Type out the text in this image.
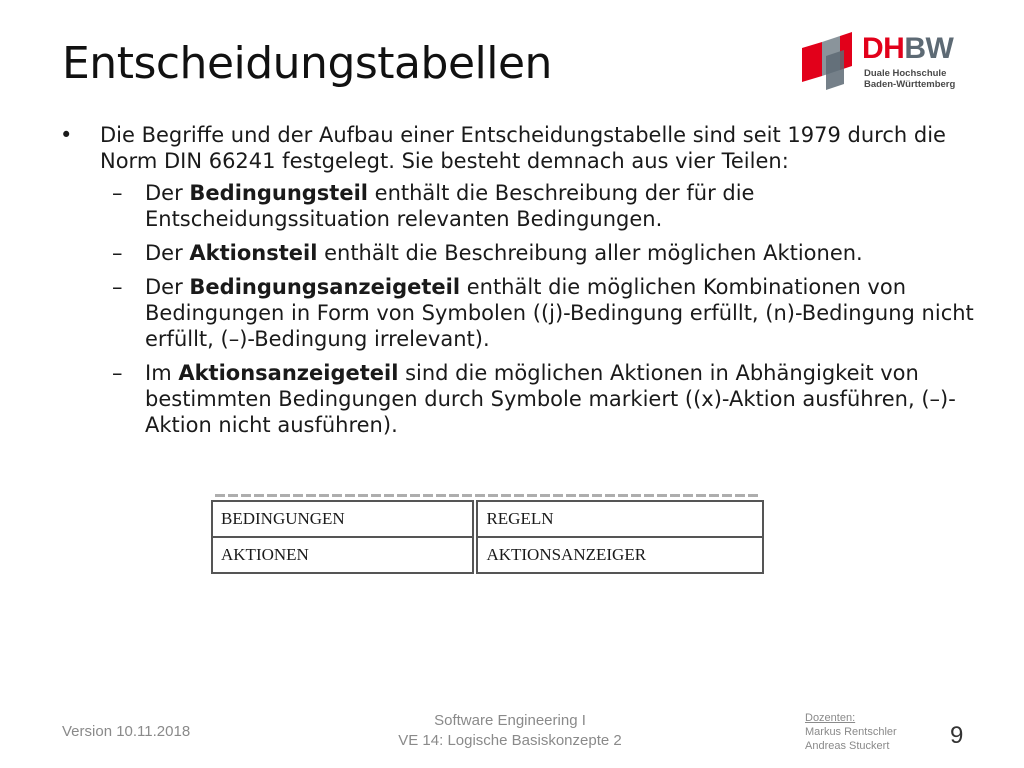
Entscheidungstabellen	DHBW
Duale Hochschule
Baden-Württemberg
• Die Begriffe und der Aufbau einer Entscheidungstabelle sind seit 1979 durch die Norm DIN 66241 festgelegt. Sie besteht demnach aus vier Teilen:
– Der Bedingungsteil enthält die Beschreibung der für die Entscheidungssituation relevanten Bedingungen.
– Der Aktionsteil enthält die Beschreibung aller möglichen Aktionen.
– Der Bedingungsanzeigeteil enthält die möglichen Kombinationen von Bedingungen in Form von Symbolen ((j)-Bedingung erfüllt, (n)-Bedingung nicht erfüllt, (–)-Bedingung irrelevant).
– Im Aktionsanzeigeteil sind die möglichen Aktionen in Abhängigkeit von bestimmten Bedingungen durch Symbole markiert ((x)-Aktion ausführen, (–)-Aktion nicht ausführen).
BEDINGUNGEN		REGELN
AKTIONEN		AKTIONSANZEIGER
Version 10.11.2018
Software Engineering I
VE 14: Logische Basiskonzepte 2
Dozenten:
Markus Rentschler
Andreas Stuckert	9
